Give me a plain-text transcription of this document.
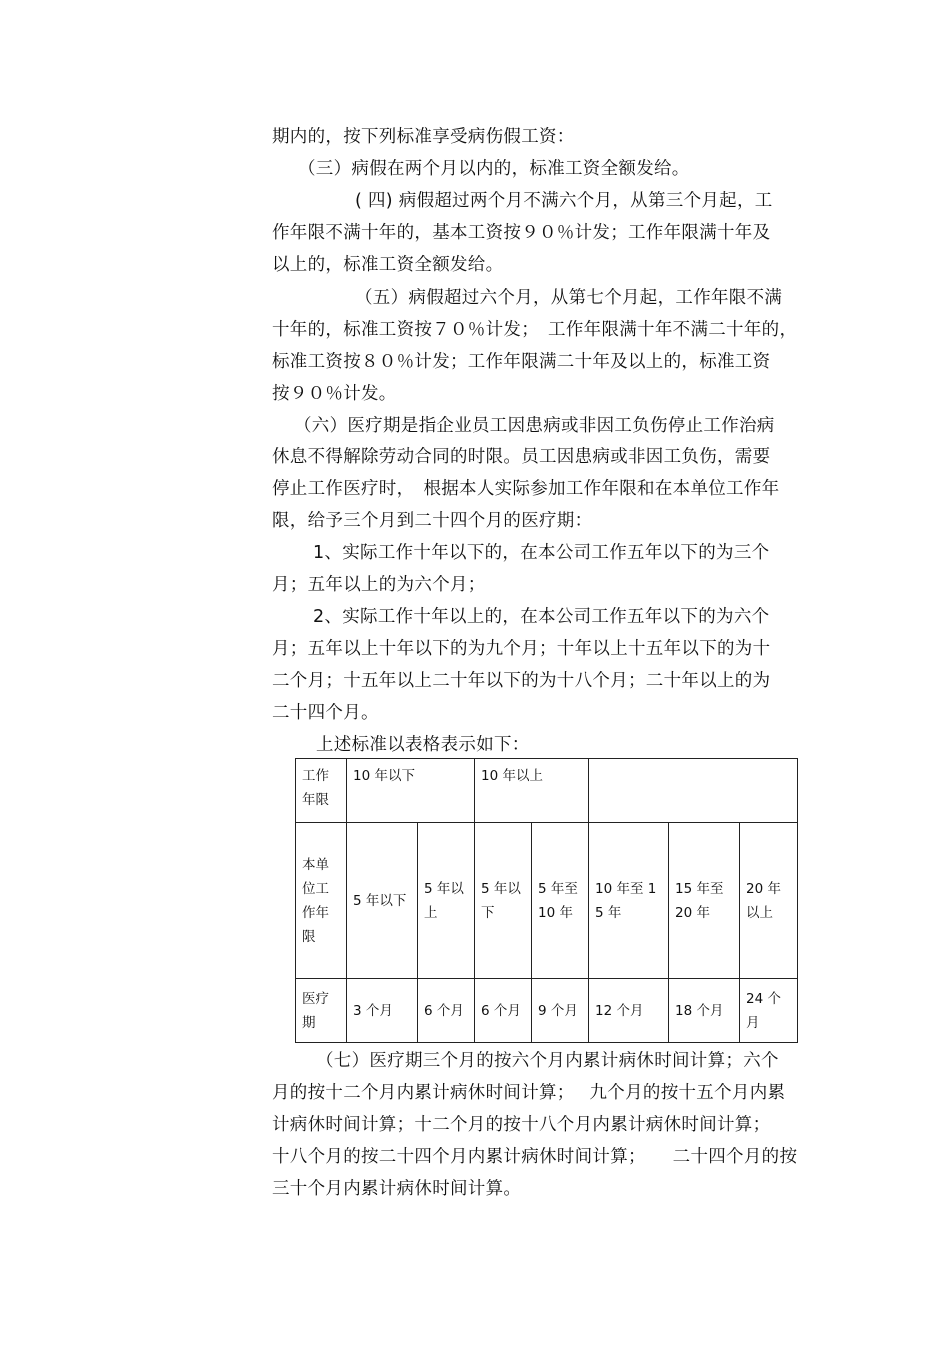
期内的，按下列标准享受病伤假工资：

（三）病假在两个月以内的，标准工资全额发给。

( 四) 病假超过两个月不满六个月，从第三个月起，工

作年限不满十年的，基本工资按９０％计发；工作年限满十年及

以上的，标准工资全额发给。

（五）病假超过六个月，从第七个月起，工作年限不满

十年的，标准工资按７０％计发；　工作年限满十年不满二十年的，

标准工资按８０％计发；工作年限满二十年及以上的，标准工资

按９０％计发。

（六）医疗期是指企业员工因患病或非因工负伤停止工作治病

休息不得解除劳动合同的时限。员工因患病或非因工负伤，需要

停止工作医疗时，　根据本人实际参加工作年限和在本单位工作年

限，给予三个月到二十四个月的医疗期：

1、实际工作十年以下的，在本公司工作五年以下的为三个

月；五年以上的为六个月；

2、实际工作十年以上的，在本公司工作五年以下的为六个

月；五年以上十年以下的为九个月；十年以上十五年以下的为十

二个月；十五年以上二十年以下的为十八个月；二十年以上的为

二十四个月。

上述标准以表格表示如下：

工作年限	10 年以下		10 年以上				

本单位工作年限	5 年以下	5 年以上	5 年以下	5 年至 10 年	10 年至 15 年	15 年至 20 年	20 年以上

医疗期	3 个月	6 个月	6 个月	9 个月	12 个月	18 个月	24 个月

（七）医疗期三个月的按六个月内累计病休时间计算；六个

月的按十二个月内累计病休时间计算；　 九个月的按十五个月内累

计病休时间计算；十二个月的按十八个月内累计病休时间计算；

十八个月的按二十四个月内累计病休时间计算；　　二十四个月的按

三十个月内累计病休时间计算。
